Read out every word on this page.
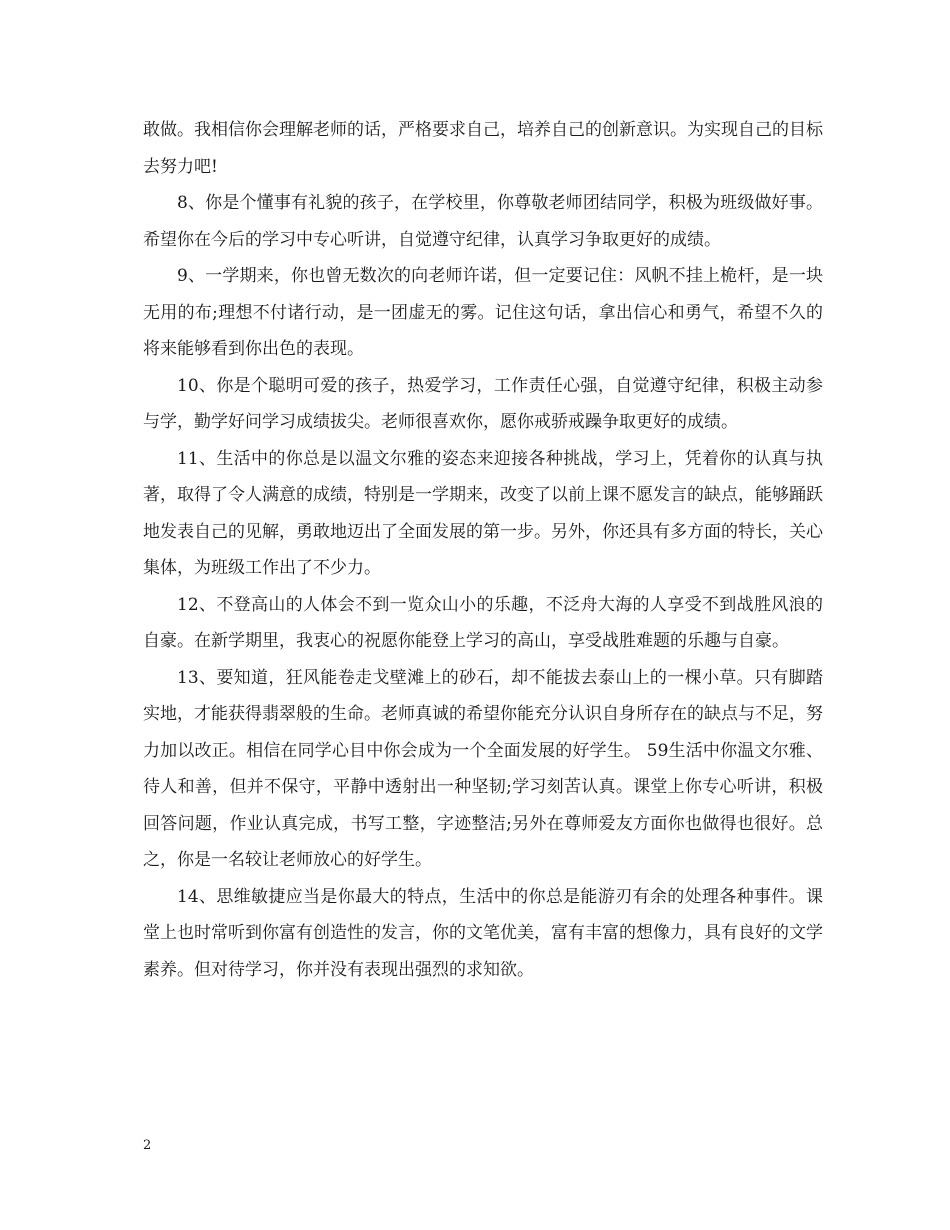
敢做。我相信你会理解老师的话，严格要求自己，培养自己的创新意识。为实现自己的目标去努力吧!

8、你是个懂事有礼貌的孩子，在学校里，你尊敬老师团结同学，积极为班级做好事。希望你在今后的学习中专心听讲，自觉遵守纪律，认真学习争取更好的成绩。

9、一学期来，你也曾无数次的向老师许诺，但一定要记住：风帆不挂上桅杆，是一块无用的布;理想不付诸行动，是一团虚无的雾。记住这句话，拿出信心和勇气，希望不久的将来能够看到你出色的表现。

10、你是个聪明可爱的孩子，热爱学习，工作责任心强，自觉遵守纪律，积极主动参与学，勤学好问学习成绩拔尖。老师很喜欢你，愿你戒骄戒躁争取更好的成绩。

11、生活中的你总是以温文尔雅的姿态来迎接各种挑战，学习上，凭着你的认真与执著，取得了令人满意的成绩，特别是一学期来，改变了以前上课不愿发言的缺点，能够踊跃地发表自己的见解，勇敢地迈出了全面发展的第一步。另外，你还具有多方面的特长，关心集体，为班级工作出了不少力。

12、不登高山的人体会不到一览众山小的乐趣，不泛舟大海的人享受不到战胜风浪的自豪。在新学期里，我衷心的祝愿你能登上学习的高山，享受战胜难题的乐趣与自豪。

13、要知道，狂风能卷走戈壁滩上的砂石，却不能拔去泰山上的一棵小草。只有脚踏实地，才能获得翡翠般的生命。老师真诚的希望你能充分认识自身所存在的缺点与不足，努力加以改正。相信在同学心目中你会成为一个全面发展的好学生。 59生活中你温文尔雅、待人和善，但并不保守，平静中透射出一种坚韧;学习刻苦认真。课堂上你专心听讲，积极回答问题，作业认真完成，书写工整，字迹整洁;另外在尊师爱友方面你也做得也很好。总之，你是一名较让老师放心的好学生。

14、思维敏捷应当是你最大的特点，生活中的你总是能游刃有余的处理各种事件。课堂上也时常听到你富有创造性的发言，你的文笔优美，富有丰富的想像力，具有良好的文学素养。但对待学习，你并没有表现出强烈的求知欲。

2
